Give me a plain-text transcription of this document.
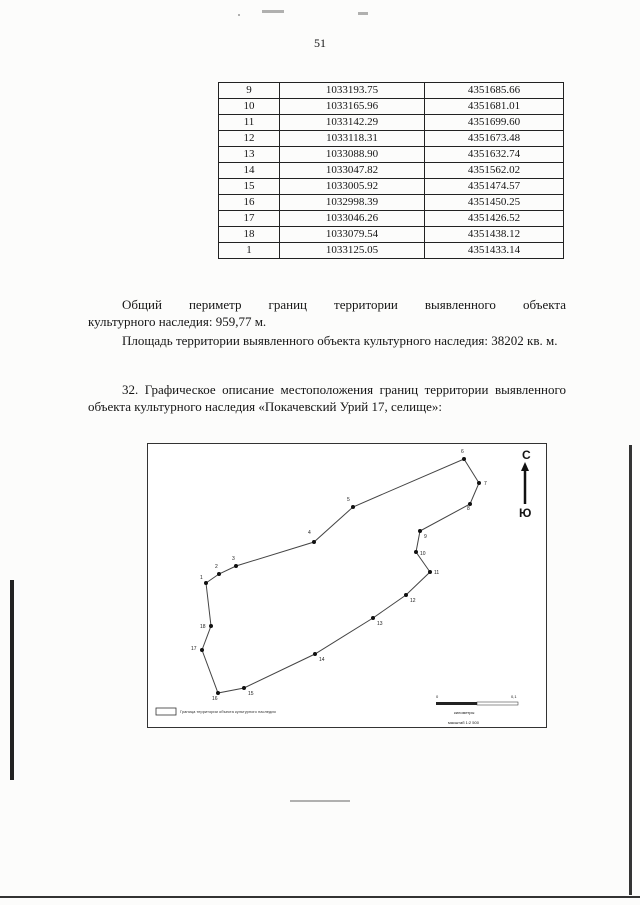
51
9	1033193.75	4351685.66
10	1033165.96	4351681.01
11	1033142.29	4351699.60
12	1033118.31	4351673.48
13	1033088.90	4351632.74
14	1033047.82	4351562.02
15	1033005.92	4351474.57
16	1032998.39	4351450.25
17	1033046.26	4351426.52
18	1033079.54	4351438.12
1	1033125.05	4351433.14

Общий периметр границ территории выявленного объекта культурного наследия: 959,77 м.

Площадь территории выявленного объекта культурного наследия: 38202 кв. м.

32. Графическое описание местоположения границ территории выявленного объекта культурного наследия «Покачевский Урий 17, селище»:

1
2
3
4
5
6
7
8
9
10
11
12
13
14
15
16
17
18
С
Ю
Граница территории объекта культурного наследия
0	0,1
километры
масштаб 1:2 500
